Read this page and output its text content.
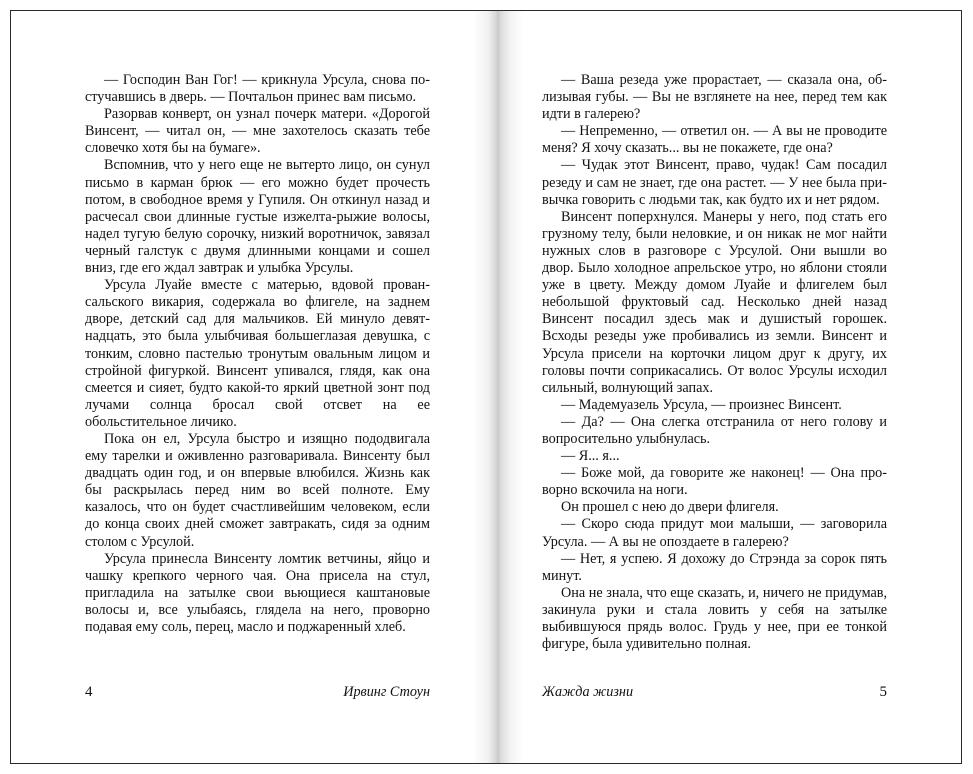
— Господин Ван Гог! — крикнула Урсула, снова постучавшись в дверь. — Почтальон принес вам письмо.

Разорвав конверт, он узнал почерк матери. «Дорогой Винсент, — читал он, — мне захотелось сказать тебе словечко хотя бы на бумаге».

Вспомнив, что у него еще не вытерто лицо, он сунул письмо в карман брюк — его можно будет прочесть потом, в свободное время у Гупиля. Он откинул назад и расчесал свои длинные густые изжелта-рыжие волосы, надел тугую белую сорочку, низкий воротничок, завязал черный галстук с двумя длинными концами и сошел вниз, где его ждал завтрак и улыбка Урсулы.

Урсула Луайе вместе с матерью, вдовой провансальского викария, содержала во флигеле, на заднем дворе, детский сад для мальчиков. Ей минуло девятнадцать, это была улыбчивая большеглазая девушка, с тонким, словно пастелью тронутым овальным лицом и стройной фигуркой. Винсент упивался, глядя, как она смеется и сияет, будто какой-то яркий цветной зонт под лучами солнца бросал свой отсвет на ее обольстительное личико.

Пока он ел, Урсула быстро и изящно пододвигала ему тарелки и оживленно разговаривала. Винсенту был двадцать один год, и он впервые влюбился. Жизнь как бы раскрылась перед ним во всей полноте. Ему казалось, что он будет счастливейшим человеком, если до конца своих дней сможет завтракать, сидя за одним столом с Урсулой.

Урсула принесла Винсенту ломтик ветчины, яйцо и чашку крепкого черного чая. Она присела на стул, пригладила на затылке свои вьющиеся каштановые волосы и, все улыбаясь, глядела на него, проворно подавая ему соль, перец, масло и поджаренный хлеб.

4	Ирвинг Стоун

— Ваша резеда уже прорастает, — сказала она, облизывая губы. — Вы не взглянете на нее, перед тем как идти в галерею?

— Непременно, — ответил он. — А вы не проводите меня? Я хочу сказать... вы не покажете, где она?

— Чудак этот Винсент, право, чудак! Сам посадил резеду и сам не знает, где она растет. — У нее была привычка говорить с людьми так, как будто их и нет рядом.

Винсент поперхнулся. Манеры у него, под стать его грузному телу, были неловкие, и он никак не мог найти нужных слов в разговоре с Урсулой. Они вышли во двор. Было холодное апрельское утро, но яблони стояли уже в цвету. Между домом Луайе и флигелем был небольшой фруктовый сад. Несколько дней назад Винсент посадил здесь мак и душистый горошек. Всходы резеды уже пробивались из земли. Винсент и Урсула присели на корточки лицом друг к другу, их головы почти соприкасались. От волос Урсулы исходил сильный, волнующий запах.

— Мадемуазель Урсула, — произнес Винсент.

— Да? — Она слегка отстранила от него голову и вопросительно улыбнулась.

— Я... я...

— Боже мой, да говорите же наконец! — Она проворно вскочила на ноги.

Он прошел с нею до двери флигеля.

— Скоро сюда придут мои малыши, — заговорила Урсула. — А вы не опоздаете в галерею?

— Нет, я успею. Я дохожу до Стрэнда за сорок пять минут.

Она не знала, что еще сказать, и, ничего не придумав, закинула руки и стала ловить у себя на затылке выбившуюся прядь волос. Грудь у нее, при ее тонкой фигуре, была удивительно полная.

Жажда жизни	5
